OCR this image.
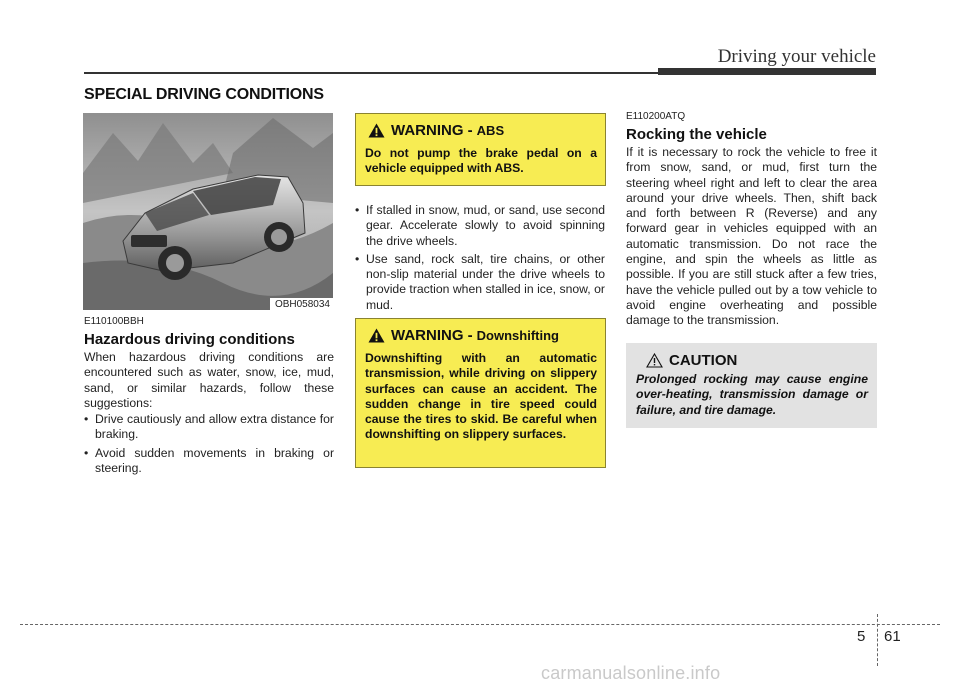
Driving your vehicle
SPECIAL DRIVING CONDITIONS
OBH058034
E110100BBH
Hazardous driving conditions
When hazardous driving conditions are encountered such as water, snow, ice, mud, sand, or similar hazards, follow these suggestions:
• Drive cautiously and allow extra distance for braking.
• Avoid sudden movements in braking or steering.
WARNING - ABS
Do not pump the brake pedal on a vehicle equipped with ABS.
• If stalled in snow, mud, or sand, use second gear. Accelerate slowly to avoid spinning the drive wheels.
• Use sand, rock salt, tire chains, or other non-slip material under the drive wheels to provide traction when stalled in ice, snow, or mud.
WARNING - Downshifting
Downshifting with an automatic transmission, while driving on slippery surfaces can cause an accident. The sudden change in tire speed could cause the tires to skid. Be careful when downshifting on slippery surfaces.
E110200ATQ
Rocking the vehicle
If it is necessary to rock the vehicle to free it from snow, sand, or mud, first turn the steering wheel right and left to clear the area around your drive wheels. Then, shift back and forth between R (Reverse) and any forward gear in vehicles equipped with an automatic transmission. Do not race the engine, and spin the wheels as little as possible. If you are still stuck after a few tries, have the vehicle pulled out by a tow vehicle to avoid engine overheating and possible damage to the transmission.
CAUTION
Prolonged rocking may cause engine over-heating, transmission damage or failure, and tire damage.
5 61
carmanualsonline.info
